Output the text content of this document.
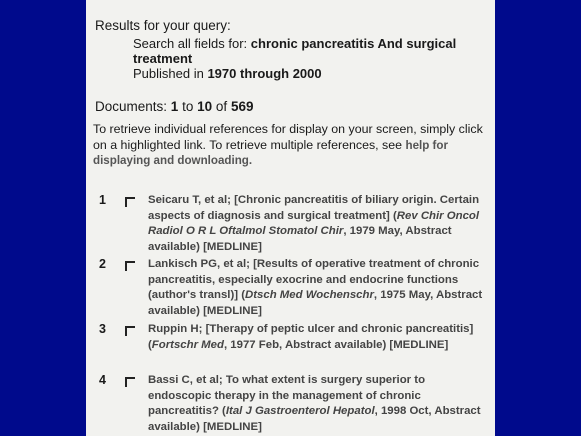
Results for your query:
Search all fields for: chronic pancreatitis And surgical
treatment
Published in 1970 through 2000
Documents: 1 to 10 of 569
To retrieve individual references for display on your screen, simply click on a highlighted link. To retrieve multiple references, see help for displaying and downloading.
1	Seicaru T, et al; [Chronic pancreatitis of biliary origin. Certain aspects of diagnosis and surgical treatment] (Rev Chir Oncol Radiol O R L Oftalmol Stomatol Chir, 1979 May, Abstract available) [MEDLINE]
2	Lankisch PG, et al; [Results of operative treatment of chronic pancreatitis, especially exocrine and endocrine functions (author's transl)] (Dtsch Med Wochenschr, 1975 May, Abstract available) [MEDLINE]
3	Ruppin H; [Therapy of peptic ulcer and chronic pancreatitis] (Fortschr Med, 1977 Feb, Abstract available) [MEDLINE]
4	Bassi C, et al; To what extent is surgery superior to endoscopic therapy in the management of chronic pancreatitis? (Ital J Gastroenterol Hepatol, 1998 Oct, Abstract available) [MEDLINE]
